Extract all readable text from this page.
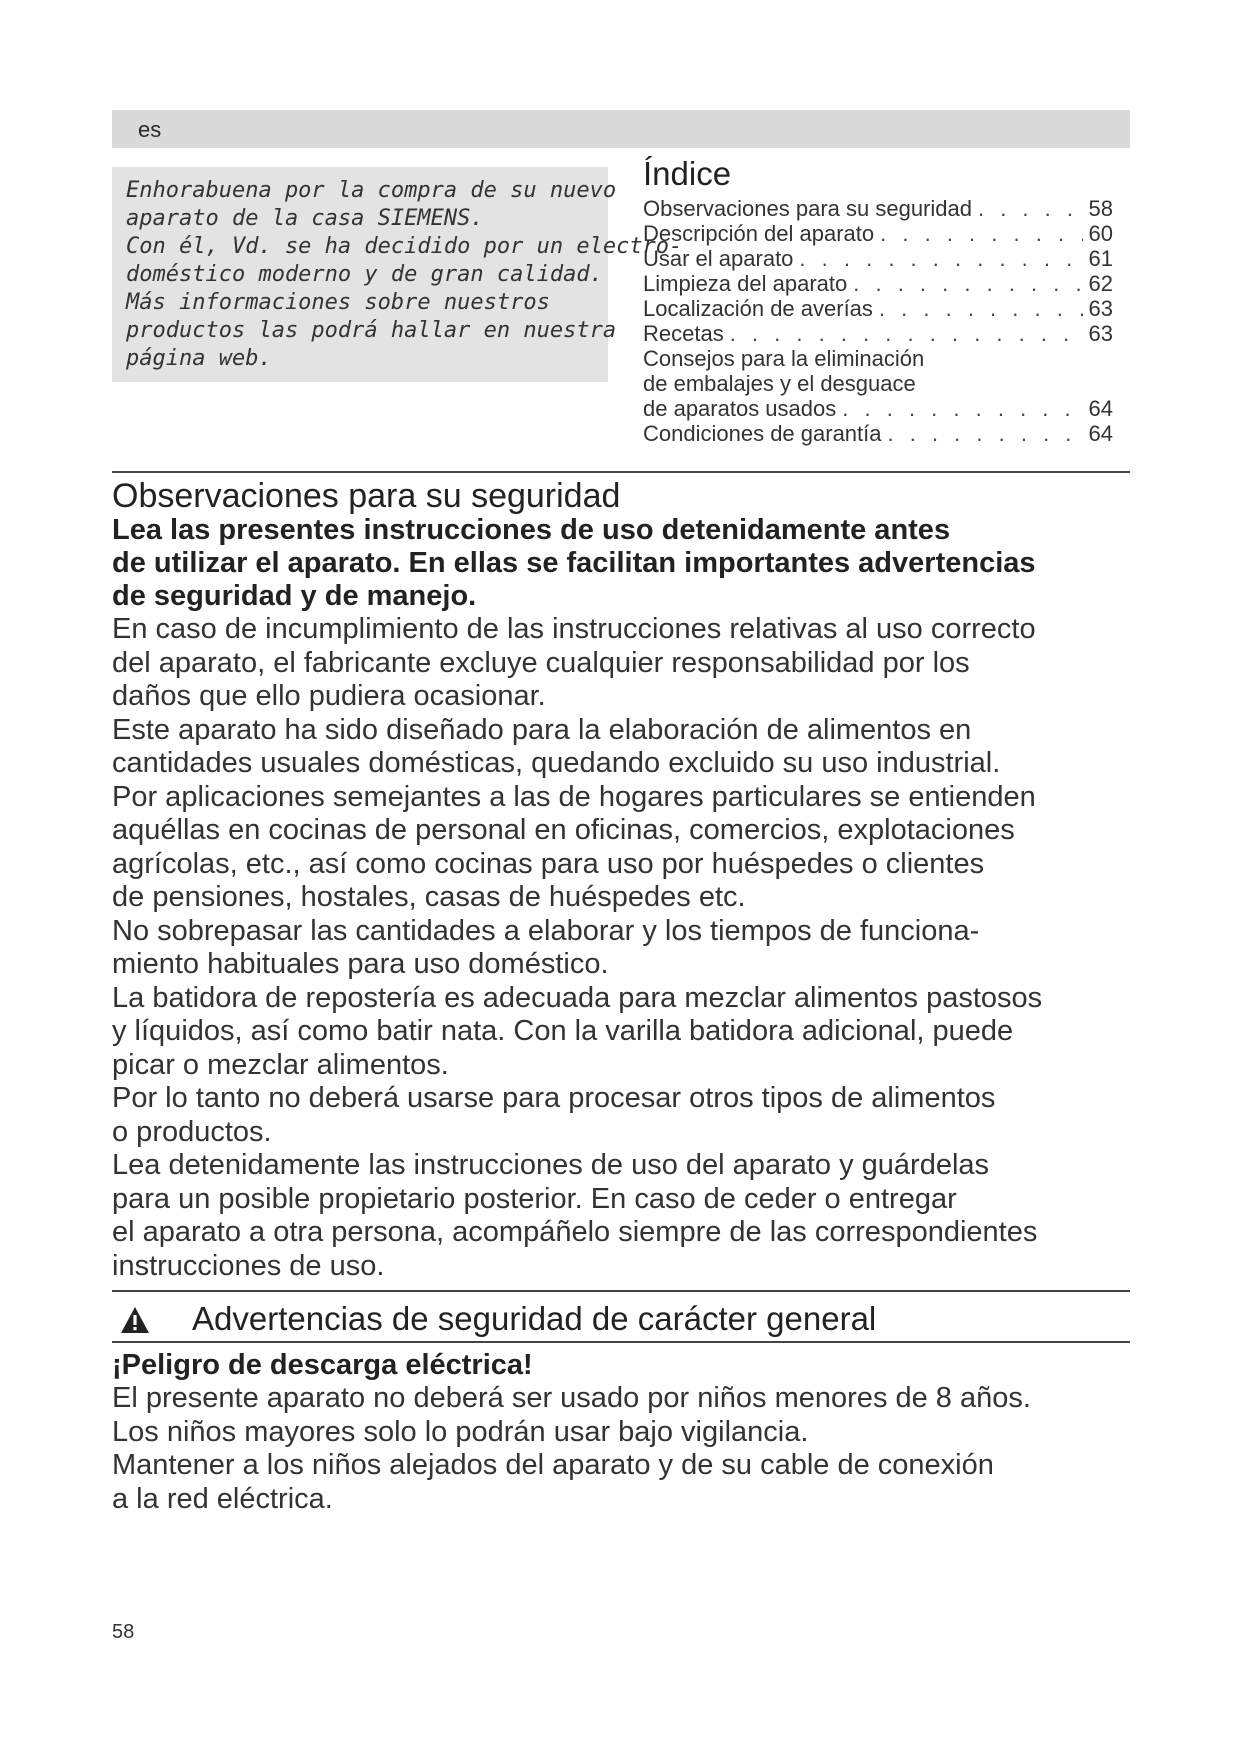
es

Enhorabuena por la compra de su nuevo
aparato de la casa SIEMENS.
Con él, Vd. se ha decidido por un electro-
doméstico moderno y de gran calidad.
Más informaciones sobre nuestros
productos las podrá hallar en nuestra
página web.

Índice
Observaciones para su seguridad . . .	58
Descripción del aparato . . .	60
Usar el aparato . . .	61
Limpieza del aparato . . .	62
Localización de averías . . .	63
Recetas . . .	63
Consejos para la eliminación
de embalajes y el desguace
de aparatos usados . . .	64
Condiciones de garantía . . .	64
Observaciones para su seguridad

Lea las presentes instrucciones de uso detenidamente antes

de utilizar el aparato. En ellas se facilitan importantes advertencias

de seguridad y de manejo.

En caso de incumplimiento de las instrucciones relativas al uso correcto

del aparato, el fabricante excluye cualquier responsabilidad por los

daños que ello pudiera ocasionar.

Este aparato ha sido diseñado para la elaboración de alimentos en

cantidades usuales domésticas, quedando excluido su uso industrial.

Por aplicaciones semejantes a las de hogares particulares se entienden

aquéllas en cocinas de personal en oficinas, comercios, explotaciones

agrícolas, etc., así como cocinas para uso por huéspedes o clientes

de pensiones, hostales, casas de huéspedes etc.

No sobrepasar las cantidades a elaborar y los tiempos de funciona-

miento habituales para uso doméstico.

La batidora de repostería es adecuada para mezclar alimentos pastosos

y líquidos, así como batir nata. Con la varilla batidora adicional, puede

picar o mezclar alimentos.

Por lo tanto no deberá usarse para procesar otros tipos de alimentos

o productos.

Lea detenidamente las instrucciones de uso del aparato y guárdelas

para un posible propietario posterior. En caso de ceder o entregar

el aparato a otra persona, acompáñelo siempre de las correspondientes

instrucciones de uso.

Advertencias de seguridad de carácter general

¡Peligro de descarga eléctrica!

El presente aparato no deberá ser usado por niños menores de 8 años.

Los niños mayores solo lo podrán usar bajo vigilancia.

Mantener a los niños alejados del aparato y de su cable de conexión

a la red eléctrica.

58
